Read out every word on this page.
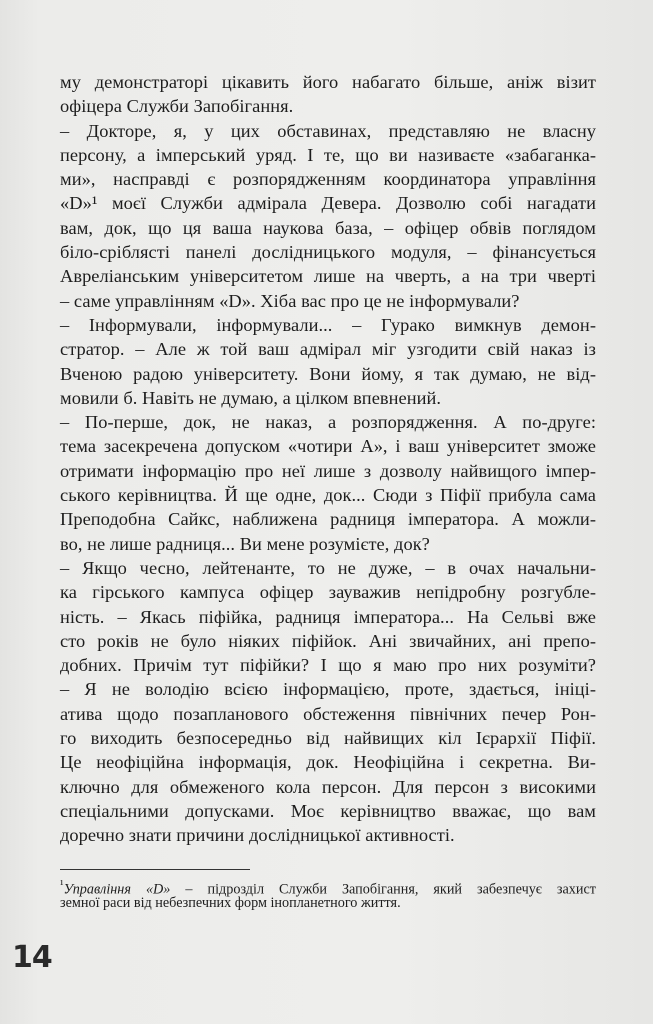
му демонстраторі цікавить його набагато більше, аніж візит
офіцера Служби Запобігання.
– Докторе, я, у цих обставинах, представляю не власну
персону, а імперський уряд. І те, що ви називаєте «забаганка-
ми», насправді є розпорядженням координатора управління
«D»¹ моєї Служби адмірала Девера. Дозволю собі нагадати
вам, док, що ця ваша наукова база, – офіцер обвів поглядом
біло-сріблясті панелі дослідницького модуля, – фінансується
Авреліанським університетом лише на чверть, а на три чверті
– саме управлінням «D». Хіба вас про це не інформували?
– Інформували, інформували... – Гурако вимкнув демон-
стратор. – Але ж той ваш адмірал міг узгодити свій наказ із
Вченою радою університету. Вони йому, я так думаю, не від-
мовили б. Навіть не думаю, а цілком впевнений.
– По-перше, док, не наказ, а розпорядження. А по-друге:
тема засекречена допуском «чотири А», і ваш університет зможе
отримати інформацію про неї лише з дозволу найвищого імпер-
ського керівництва. Й ще одне, док... Сюди з Піфії прибула сама
Преподобна Сайкс, наближена радниця імператора. А можли-
во, не лише радниця... Ви мене розумієте, док?
– Якщо чесно, лейтенанте, то не дуже, – в очах начальни-
ка гірського кампуса офіцер зауважив непідробну розгублe-
ність. – Якась піфійка, радниця імператора... На Сельві вже
сто років не було ніяких піфійок. Ані звичайних, ані препо-
добних. Причім тут піфійки? І що я маю про них розуміти?
– Я не володію всією інформацією, проте, здається, ініці-
атива щодо позапланового обстеження північних печер Рон-
го виходить безпосередньо від найвищих кіл Ієрархії Піфії.
Це неофіційна інформація, док. Неофіційна і секретна. Ви-
ключно для обмеженого кола персон. Для персон з високими
спеціальними допусками. Моє керівництво вважає, що вам
доречно знати причини дослідницької активності.
$^{^1}$Управління «D» – підрозділ Служби Запобігання, який забезпечує захист
земної раси від небезпечних форм інопланетного життя.
14
